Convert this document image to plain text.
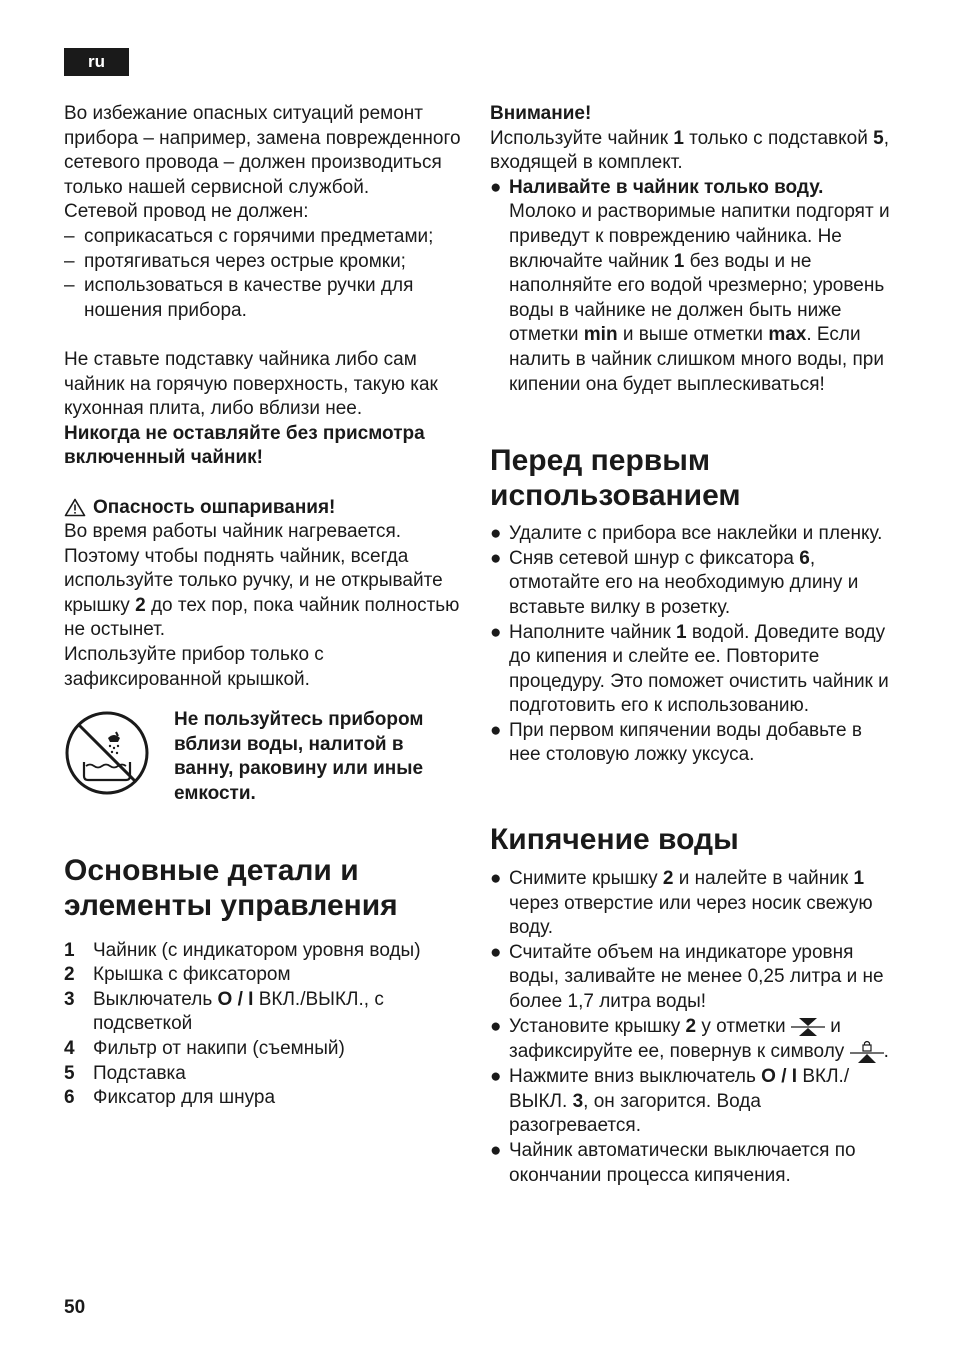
ru

Во избежание опасных ситуаций ремонт прибора – например, замена поврежденного сетевого провода – должен производиться только нашей сервисной службой.

Сетевой провод не должен:

– соприкасаться с горячими предметами;
– протягиваться через острые кромки;
– использоваться в качестве ручки для ношения прибора.

Не ставьте подставку чайника либо сам чайник на горячую поверхность, такую как кухонная плита, либо вблизи нее.

Никогда не оставляйте без присмотра включенный чайник!

Опасность ошпаривания!

Во время работы чайник нагревается. Поэтому чтобы поднять чайник, всегда используйте только ручку, и не открывайте крышку 2 до тех пор, пока чайник полностью не остынет.

Используйте прибор только с зафиксированной крышкой.

Не пользуйтесь прибором вблизи воды, налитой в ванну, раковину или иные емкости.
Основные детали и элементы управления
1 Чайник (с индикатором уровня воды)
2 Крышка с фиксатором
3 Выключатель O / I ВКЛ./ВЫКЛ., с подсветкой
4 Фильтр от накипи (съемный)
5 Подставка
6 Фиксатор для шнура

Внимание!

Используйте чайник 1 только с подставкой 5, входящей в комплект.

● Наливайте в чайник только воду.
Молоко и растворимые напитки подгорят и приведут к повреждению чайника. Не включайте чайник 1 без воды и не наполняйте его водой чрезмерно; уровень воды в чайнике не должен быть ниже отметки min и выше отметки max. Если налить в чайник слишком много воды, при кипении она будет выплескиваться!
Перед первым использованием
● Удалите с прибора все наклейки и пленку.
● Сняв сетевой шнур с фиксатора 6, отмотайте его на необходимую длину и вставьте вилку в розетку.
● Наполните чайник 1 водой. Доведите воду до кипения и слейте ее. Повторите процедуру. Это поможет очистить чайник и подготовить его к использованию.
● При первом кипячении воды добавьте в нее столовую ложку уксуса.
Кипячение воды
● Снимите крышку 2 и налейте в чайник 1 через отверстие или через носик свежую воду.
● Считайте объем на индикаторе уровня воды, заливайте не менее 0,25 литра и не более 1,7 литра воды!
● Установите крышку 2 у отметки  и зафиксируйте ее, повернув к символу .
● Нажмите вниз выключатель O / I ВКЛ./ВЫКЛ. 3, он загорится. Вода разогревается.
● Чайник автоматически выключается по окончании процесса кипячения.
50
